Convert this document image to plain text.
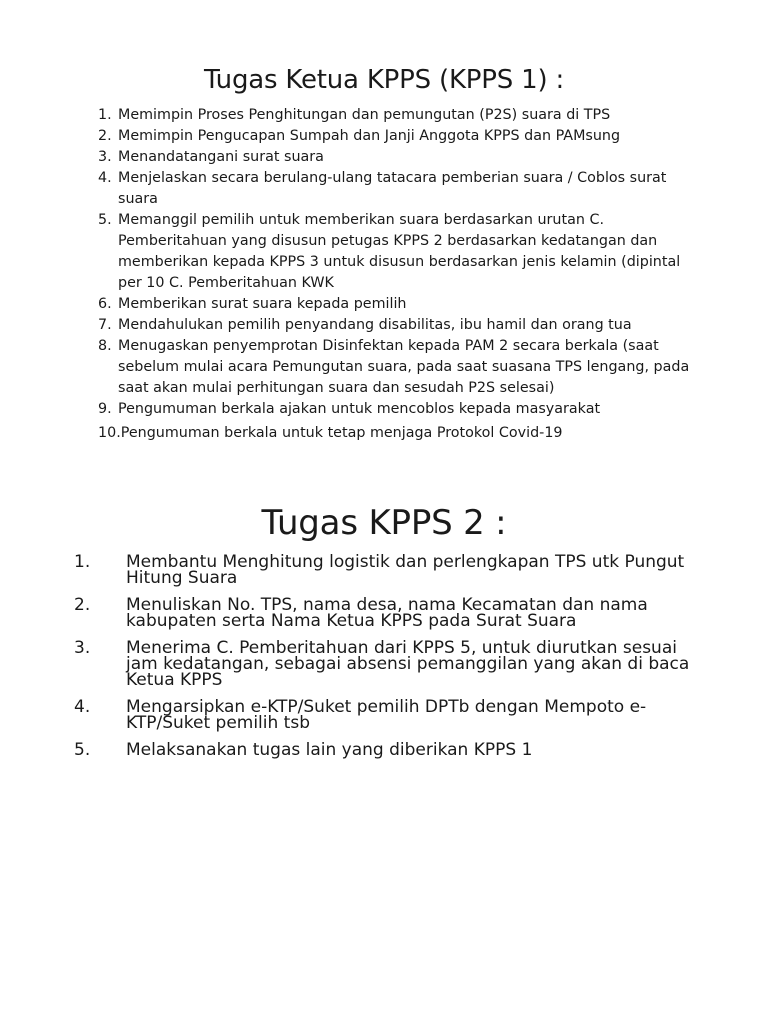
Tugas Ketua KPPS (KPPS 1) :
1. Memimpin Proses Penghitungan dan pemungutan (P2S) suara di TPS
2. Memimpin Pengucapan Sumpah dan Janji Anggota KPPS dan PAMsung
3. Menandatangani surat suara
4. Menjelaskan secara berulang-ulang tatacara pemberian suara / Coblos surat suara
5. Memanggil pemilih untuk memberikan suara berdasarkan urutan C. Pemberitahuan yang disusun petugas KPPS 2 berdasarkan kedatangan dan memberikan kepada KPPS 3 untuk disusun berdasarkan jenis kelamin (dipintal per 10 C. Pemberitahuan KWK
6. Memberikan surat suara kepada pemilih
7. Mendahulukan pemilih penyandang disabilitas, ibu hamil dan orang tua
8. Menugaskan penyemprotan Disinfektan kepada PAM 2 secara berkala (saat sebelum mulai acara Pemungutan suara, pada saat suasana TPS lengang, pada saat akan mulai perhitungan suara dan sesudah P2S selesai)
9. Pengumuman berkala ajakan untuk mencoblos kepada masyarakat
10.Pengumuman berkala untuk tetap menjaga Protokol Covid-19
Tugas KPPS 2 :
1. Membantu Menghitung logistik dan perlengkapan TPS utk Pungut Hitung Suara
2. Menuliskan No. TPS, nama desa, nama Kecamatan dan nama kabupaten serta Nama Ketua KPPS pada Surat Suara
3. Menerima C. Pemberitahuan dari KPPS 5, untuk diurutkan sesuai jam kedatangan, sebagai absensi pemanggilan yang akan di baca Ketua KPPS
4. Mengarsipkan e-KTP/Suket pemilih DPTb dengan Mempoto e-KTP/Suket pemilih tsb
5. Melaksanakan tugas lain yang diberikan KPPS 1
